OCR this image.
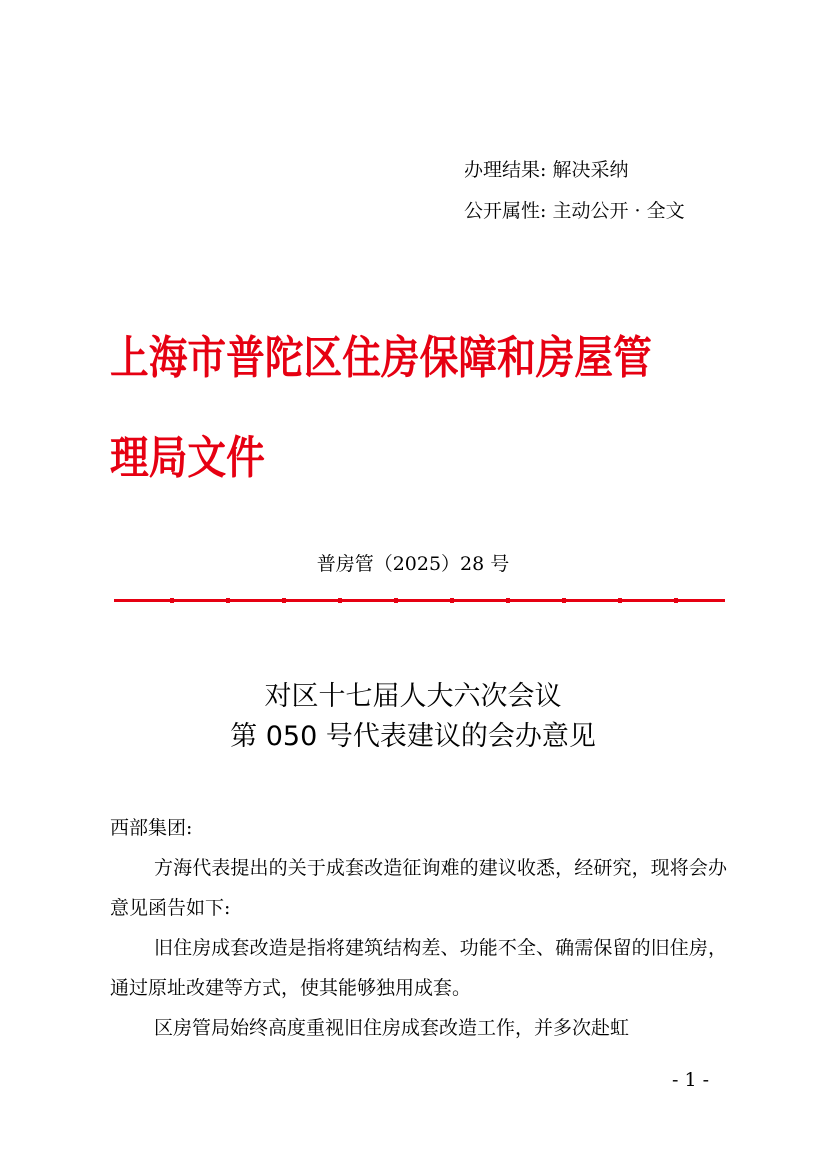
办理结果: 解决采纳
公开属性: 主动公开 · 全文
上海市普陀区住房保障和房屋管理局文件
普房管（2025）28 号
对区十七届人大六次会议
第 050 号代表建议的会办意见

西部集团:

方海代表提出的关于成套改造征询难的建议收悉，经研究，现将会办意见函告如下:

旧住房成套改造是指将建筑结构差、功能不全、确需保留的旧住房，通过原址改建等方式，使其能够独用成套。

区房管局始终高度重视旧住房成套改造工作，并多次赴虹

- 1 -
